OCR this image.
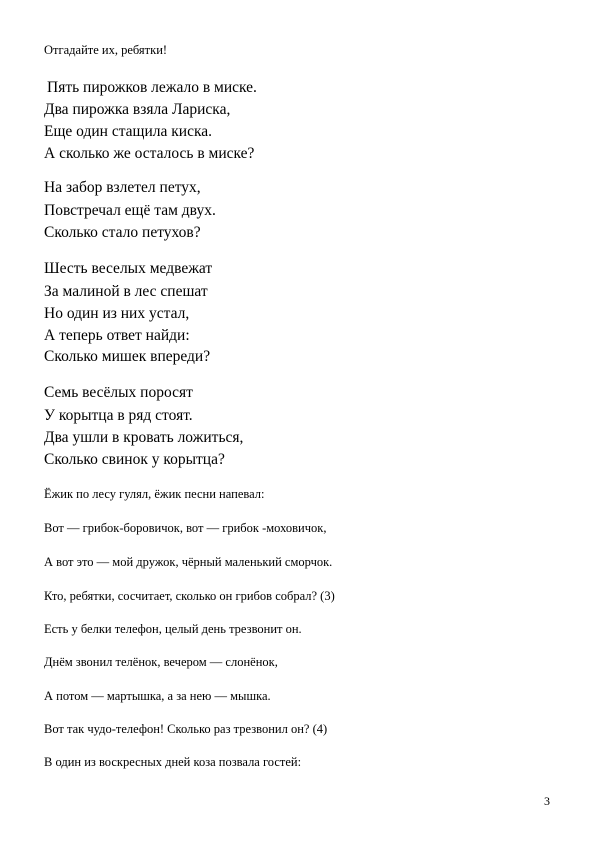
Отгадайте их, ребятки!
Пять пирожков лежало в миске.
Два пирожка взяла Лариска,
Еще один стащила киска.
А сколько же осталось в миске?
На забор взлетел петух,
Повстречал ещё там двух.
Сколько стало петухов?
Шесть веселых медвежат
За малиной в лес спешат
Но один из них устал,
А теперь ответ найди:
Сколько мишек впереди?
Семь весёлых поросят
У корытца в ряд стоят.
Два ушли в кровать ложиться,
Сколько свинок у корытца?
Ёжик по лесу гулял, ёжик песни напевал:
Вот — грибок-боровичок, вот — грибок -моховичок,
А вот это — мой дружок, чёрный маленький сморчок.
Кто, ребятки, сосчитает, сколько он грибов собрал? (3)
Есть у белки телефон, целый день трезвонит он.
Днём звонил телёнок, вечером — слонёнок,
А потом — мартышка, а за нею — мышка.
Вот так чудо-телефон! Сколько раз трезвонил он? (4)
В один из воскресных дней коза позвала гостей:
3
